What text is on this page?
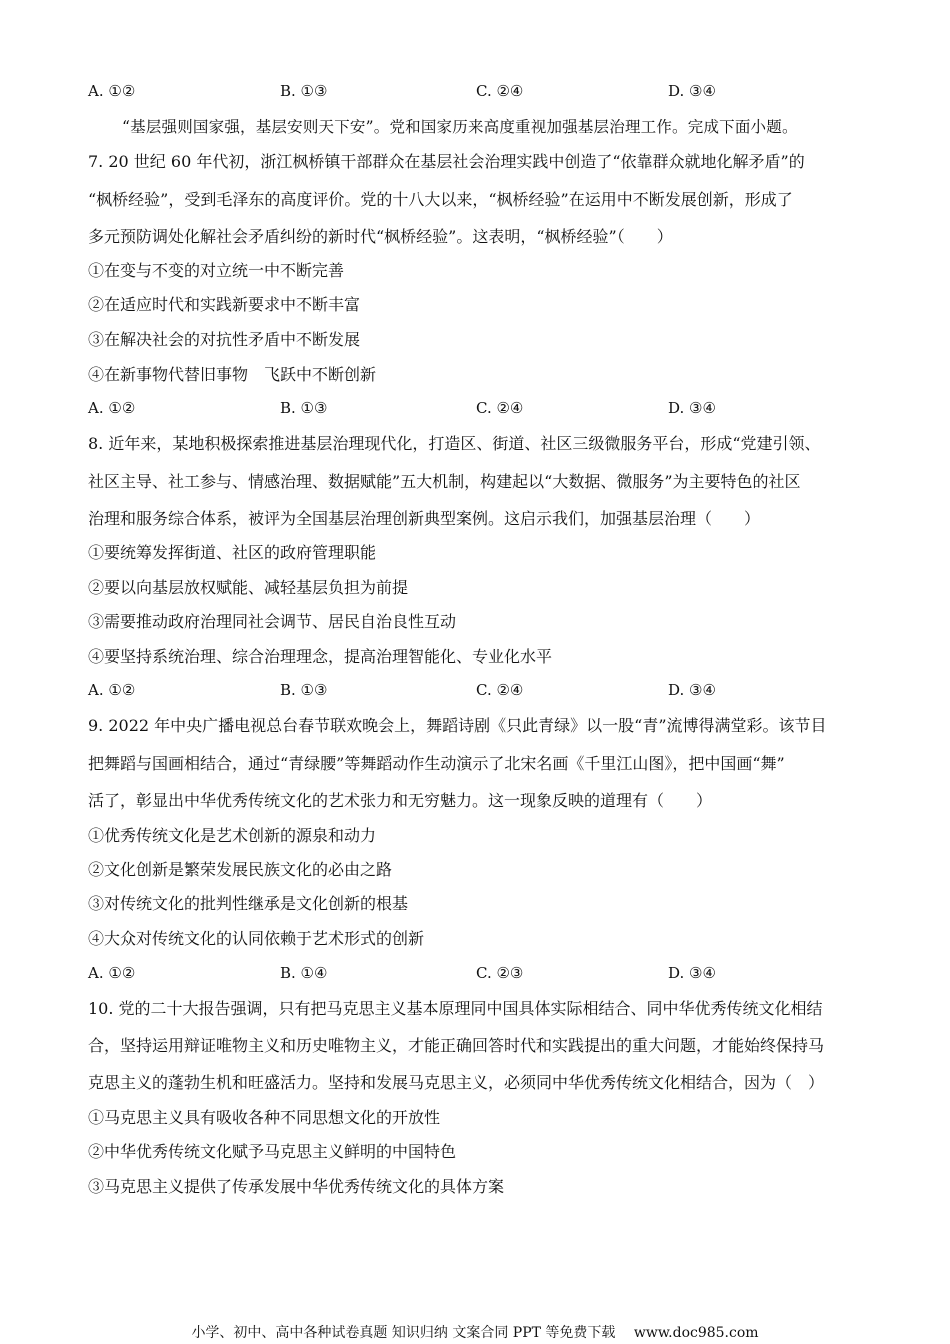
A. ①②	B. ①③	C. ②④	D. ③④
“基层强则国家强，基层安则天下安”。党和国家历来高度重视加强基层治理工作。完成下面小题。
7. 20 世纪 60 年代初，浙江枫桥镇干部群众在基层社会治理实践中创造了“依靠群众就地化解矛盾”的
“枫桥经验”，受到毛泽东的高度评价。党的十八大以来，“枫桥经验”在运用中不断发展创新，形成了
多元预防调处化解社会矛盾纠纷的新时代“枫桥经验”。这表明，“枫桥经验”（　　）
①在变与不变的对立统一中不断完善
②在适应时代和实践新要求中不断丰富
③在解决社会的对抗性矛盾中不断发展
④在新事物代替旧事物　飞跃中不断创新
A. ①②	B. ①③	C. ②④	D. ③④
8. 近年来，某地积极探索推进基层治理现代化，打造区、街道、社区三级微服务平台，形成“党建引领、
社区主导、社工参与、情感治理、数据赋能”五大机制，构建起以“大数据、微服务”为主要特色的社区
治理和服务综合体系，被评为全国基层治理创新典型案例。这启示我们，加强基层治理（　　）
①要统筹发挥街道、社区的政府管理职能
②要以向基层放权赋能、减轻基层负担为前提
③需要推动政府治理同社会调节、居民自治良性互动
④要坚持系统治理、综合治理理念，提高治理智能化、专业化水平
A. ①②	B. ①③	C. ②④	D. ③④
9. 2022 年中央广播电视总台春节联欢晚会上，舞蹈诗剧《只此青绿》以一股“青”流博得满堂彩。该节目
把舞蹈与国画相结合，通过“青绿腰”等舞蹈动作生动演示了北宋名画《千里江山图》，把中国画“舞”
活了，彰显出中华优秀传统文化的艺术张力和无穷魅力。这一现象反映的道理有（　　）
①优秀传统文化是艺术创新的源泉和动力
②文化创新是繁荣发展民族文化的必由之路
③对传统文化的批判性继承是文化创新的根基
④大众对传统文化的认同依赖于艺术形式的创新
A. ①②	B. ①④	C. ②③	D. ③④
10. 党的二十大报告强调，只有把马克思主义基本原理同中国具体实际相结合、同中华优秀传统文化相结
合，坚持运用辩证唯物主义和历史唯物主义，才能正确回答时代和实践提出的重大问题，才能始终保持马
克思主义的蓬勃生机和旺盛活力。坚持和发展马克思主义，必须同中华优秀传统文化相结合，因为（　）
①马克思主义具有吸收各种不同思想文化的开放性
②中华优秀传统文化赋予马克思主义鲜明的中国特色
③马克思主义提供了传承发展中华优秀传统文化的具体方案
小学、初中、高中各种试卷真题 知识归纳 文案合同 PPT 等免费下载　 www.doc985.com
